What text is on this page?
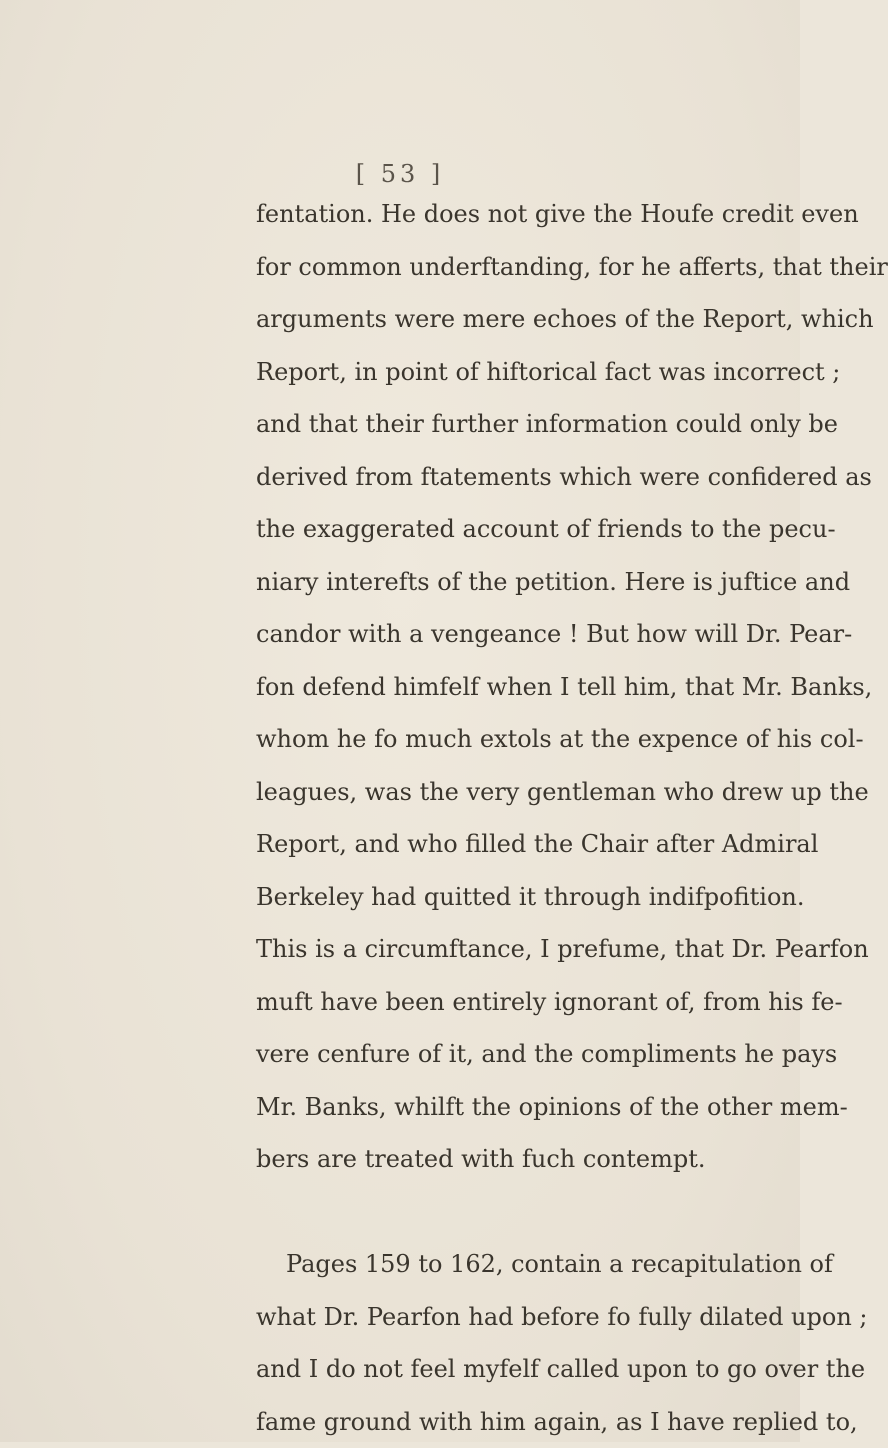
[ 53 ]
fentation. He does not give the Houfe credit even
for common underftanding, for he afferts, that their
arguments were mere echoes of the Report, which
Report, in point of hiftorical fact was incorrect ;
and that their further information could only be
derived from ftatements which were confidered as
the exaggerated account of friends to the pecu-
niary interefts of the petition. Here is juftice and
candor with a vengeance ! But how will Dr. Pear-
fon defend himfelf when I tell him, that Mr. Banks,
whom he fo much extols at the expence of his col-
leagues, was the very gentleman who drew up the
Report, and who filled the Chair after Admiral
Berkeley had quitted it through indifpofition.
This is a circumftance, I prefume, that Dr. Pearfon
muft have been entirely ignorant of, from his fe-
vere cenfure of it, and the compliments he pays
Mr. Banks, whilft the opinions of the other mem-
bers are treated with fuch contempt.
Pages 159 to 162, contain a recapitulation of
what Dr. Pearfon had before fo fully dilated upon ;
and I do not feel myfelf called upon to go over the
fame ground with him again, as I have replied to,
